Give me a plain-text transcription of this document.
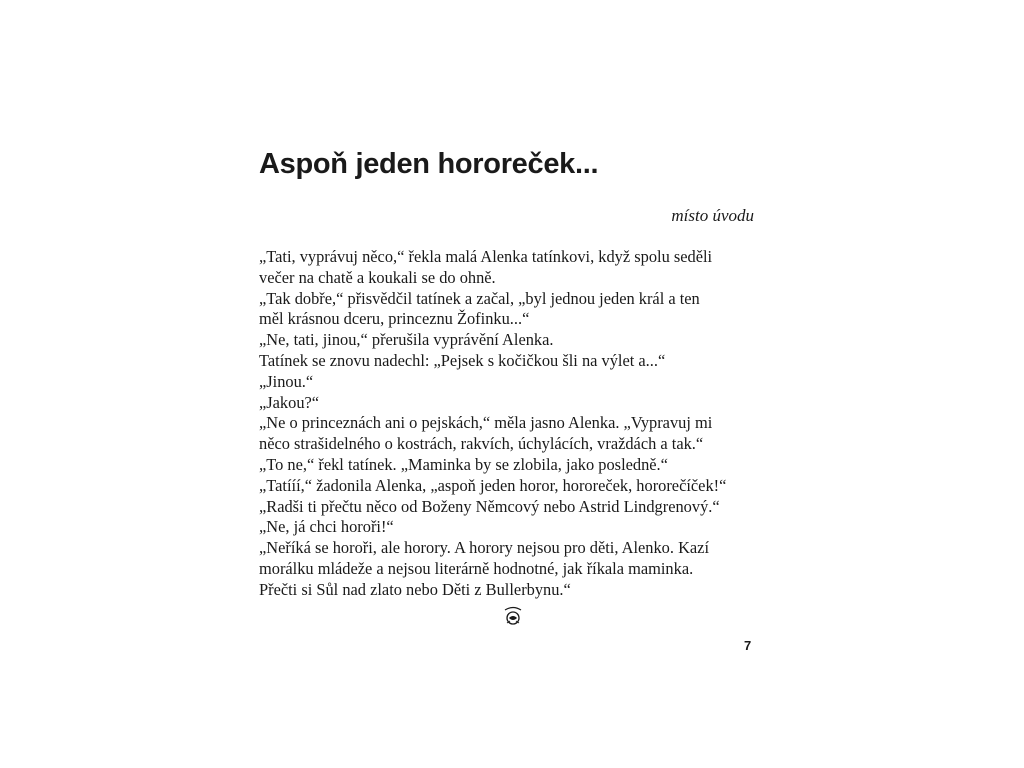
Aspoň jeden hororeček...
místo úvodu
„Tati, vyprávuj něco,“ řekla malá Alenka tatínkovi, když spolu seděli
večer na chatě a koukali se do ohně.
„Tak dobře,“ přisvědčil tatínek a začal, „byl jednou jeden král a ten
měl krásnou dceru, princeznu Žofinku...“
„Ne, tati, jinou,“ přerušila vyprávění Alenka.
Tatínek se znovu nadechl: „Pejsek s kočičkou šli na výlet a...“
„Jinou.“
„Jakou?“
„Ne o princeznách ani o pejskách,“ měla jasno Alenka. „Vypravuj mi
něco strašidelného o kostrách, rakvích, úchylácích, vraždách a tak.“
„To ne,“ řekl tatínek. „Maminka by se zlobila, jako posledně.“
„Tatííí,“ žadonila Alenka, „aspoň jeden horor, hororeček, hororečíček!“
„Radši ti přečtu něco od Boženy Němcový nebo Astrid Lindgrenový.“
„Ne, já chci horoři!“
„Neříká se horoři, ale horory. A horory nejsou pro děti, Alenko. Kazí
morálku mládeže a nejsou literárně hodnotné, jak říkala maminka.
Přečti si Sůl nad zlato nebo Děti z Bullerbynu.“
7
